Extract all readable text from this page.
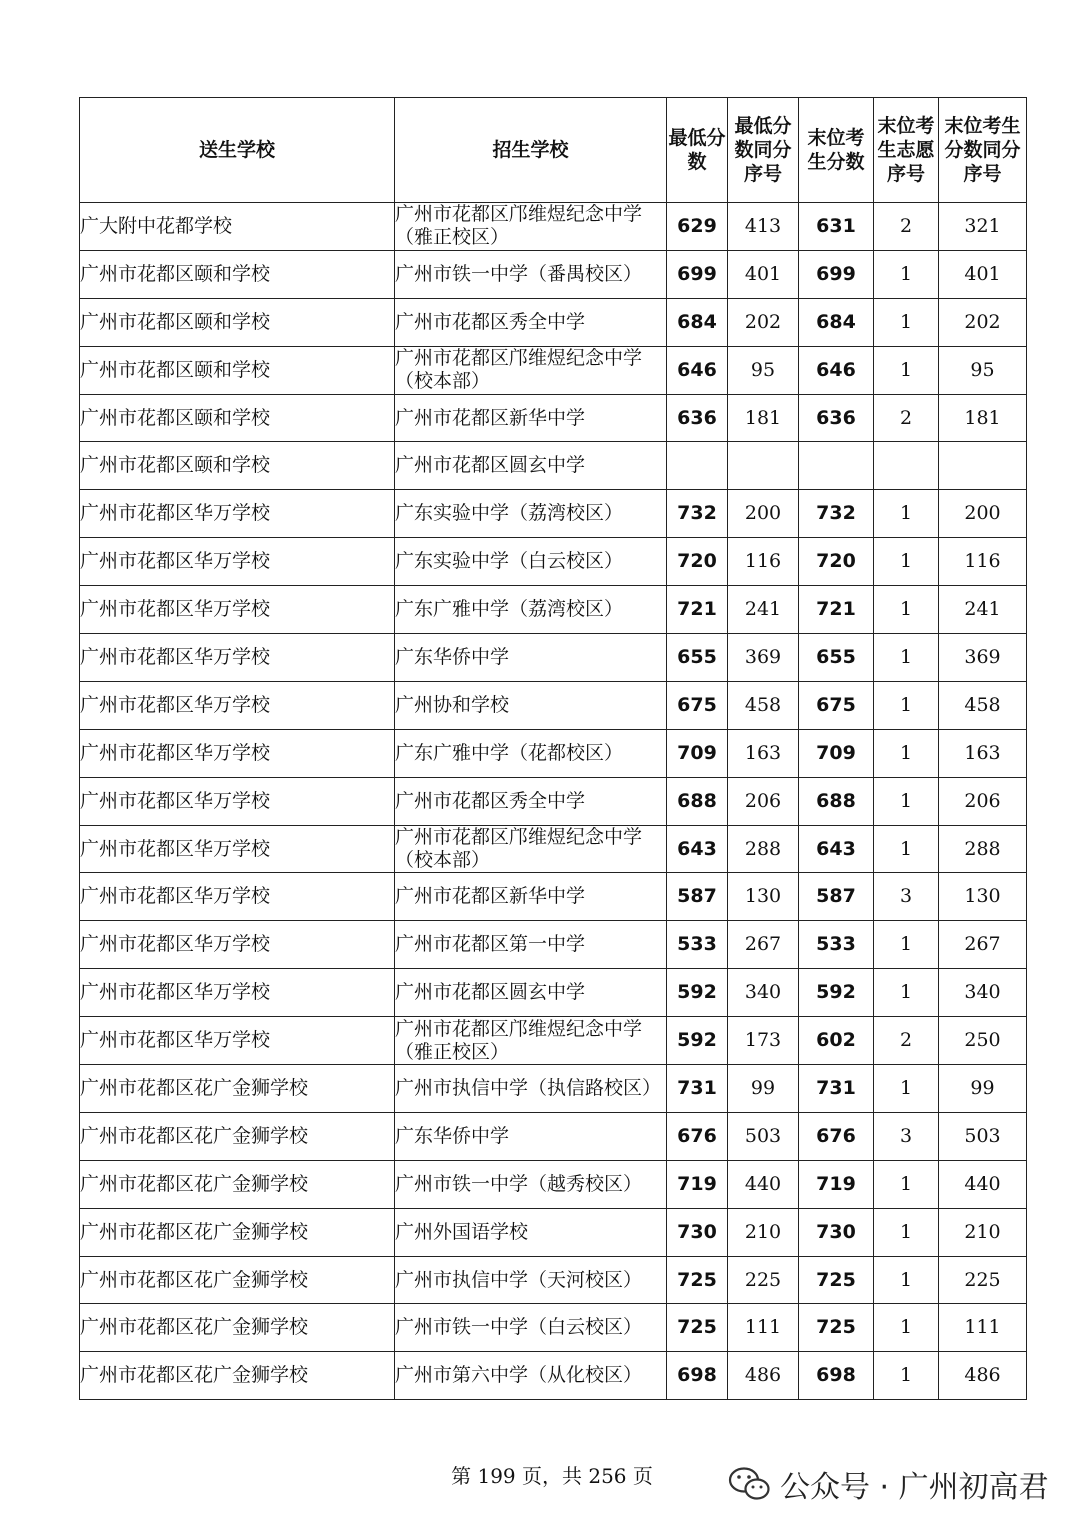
送生学校	招生学校	最低分数	最低分数同分序号	末位考生分数	末位考生志愿序号	末位考生分数同分序号
广大附中花都学校	广州市花都区邝维煜纪念中学（雅正校区）	629	413	631	2	321
广州市花都区颐和学校	广州市铁一中学（番禺校区）	699	401	699	1	401
广州市花都区颐和学校	广州市花都区秀全中学	684	202	684	1	202
广州市花都区颐和学校	广州市花都区邝维煜纪念中学（校本部）	646	95	646	1	95
广州市花都区颐和学校	广州市花都区新华中学	636	181	636	2	181
广州市花都区颐和学校	广州市花都区圆玄中学					
广州市花都区华万学校	广东实验中学（荔湾校区）	732	200	732	1	200
广州市花都区华万学校	广东实验中学（白云校区）	720	116	720	1	116
广州市花都区华万学校	广东广雅中学（荔湾校区）	721	241	721	1	241
广州市花都区华万学校	广东华侨中学	655	369	655	1	369
广州市花都区华万学校	广州协和学校	675	458	675	1	458
广州市花都区华万学校	广东广雅中学（花都校区）	709	163	709	1	163
广州市花都区华万学校	广州市花都区秀全中学	688	206	688	1	206
广州市花都区华万学校	广州市花都区邝维煜纪念中学（校本部）	643	288	643	1	288
广州市花都区华万学校	广州市花都区新华中学	587	130	587	3	130
广州市花都区华万学校	广州市花都区第一中学	533	267	533	1	267
广州市花都区华万学校	广州市花都区圆玄中学	592	340	592	1	340
广州市花都区华万学校	广州市花都区邝维煜纪念中学（雅正校区）	592	173	602	2	250
广州市花都区花广金狮学校	广州市执信中学（执信路校区）	731	99	731	1	99
广州市花都区花广金狮学校	广东华侨中学	676	503	676	3	503
广州市花都区花广金狮学校	广州市铁一中学（越秀校区）	719	440	719	1	440
广州市花都区花广金狮学校	广州外国语学校	730	210	730	1	210
广州市花都区花广金狮学校	广州市执信中学（天河校区）	725	225	725	1	225
广州市花都区花广金狮学校	广州市铁一中学（白云校区）	725	111	725	1	111
广州市花都区花广金狮学校	广州市第六中学（从化校区）	698	486	698	1	486
第 199 页，共 256 页	公众号 · 广州初高君
